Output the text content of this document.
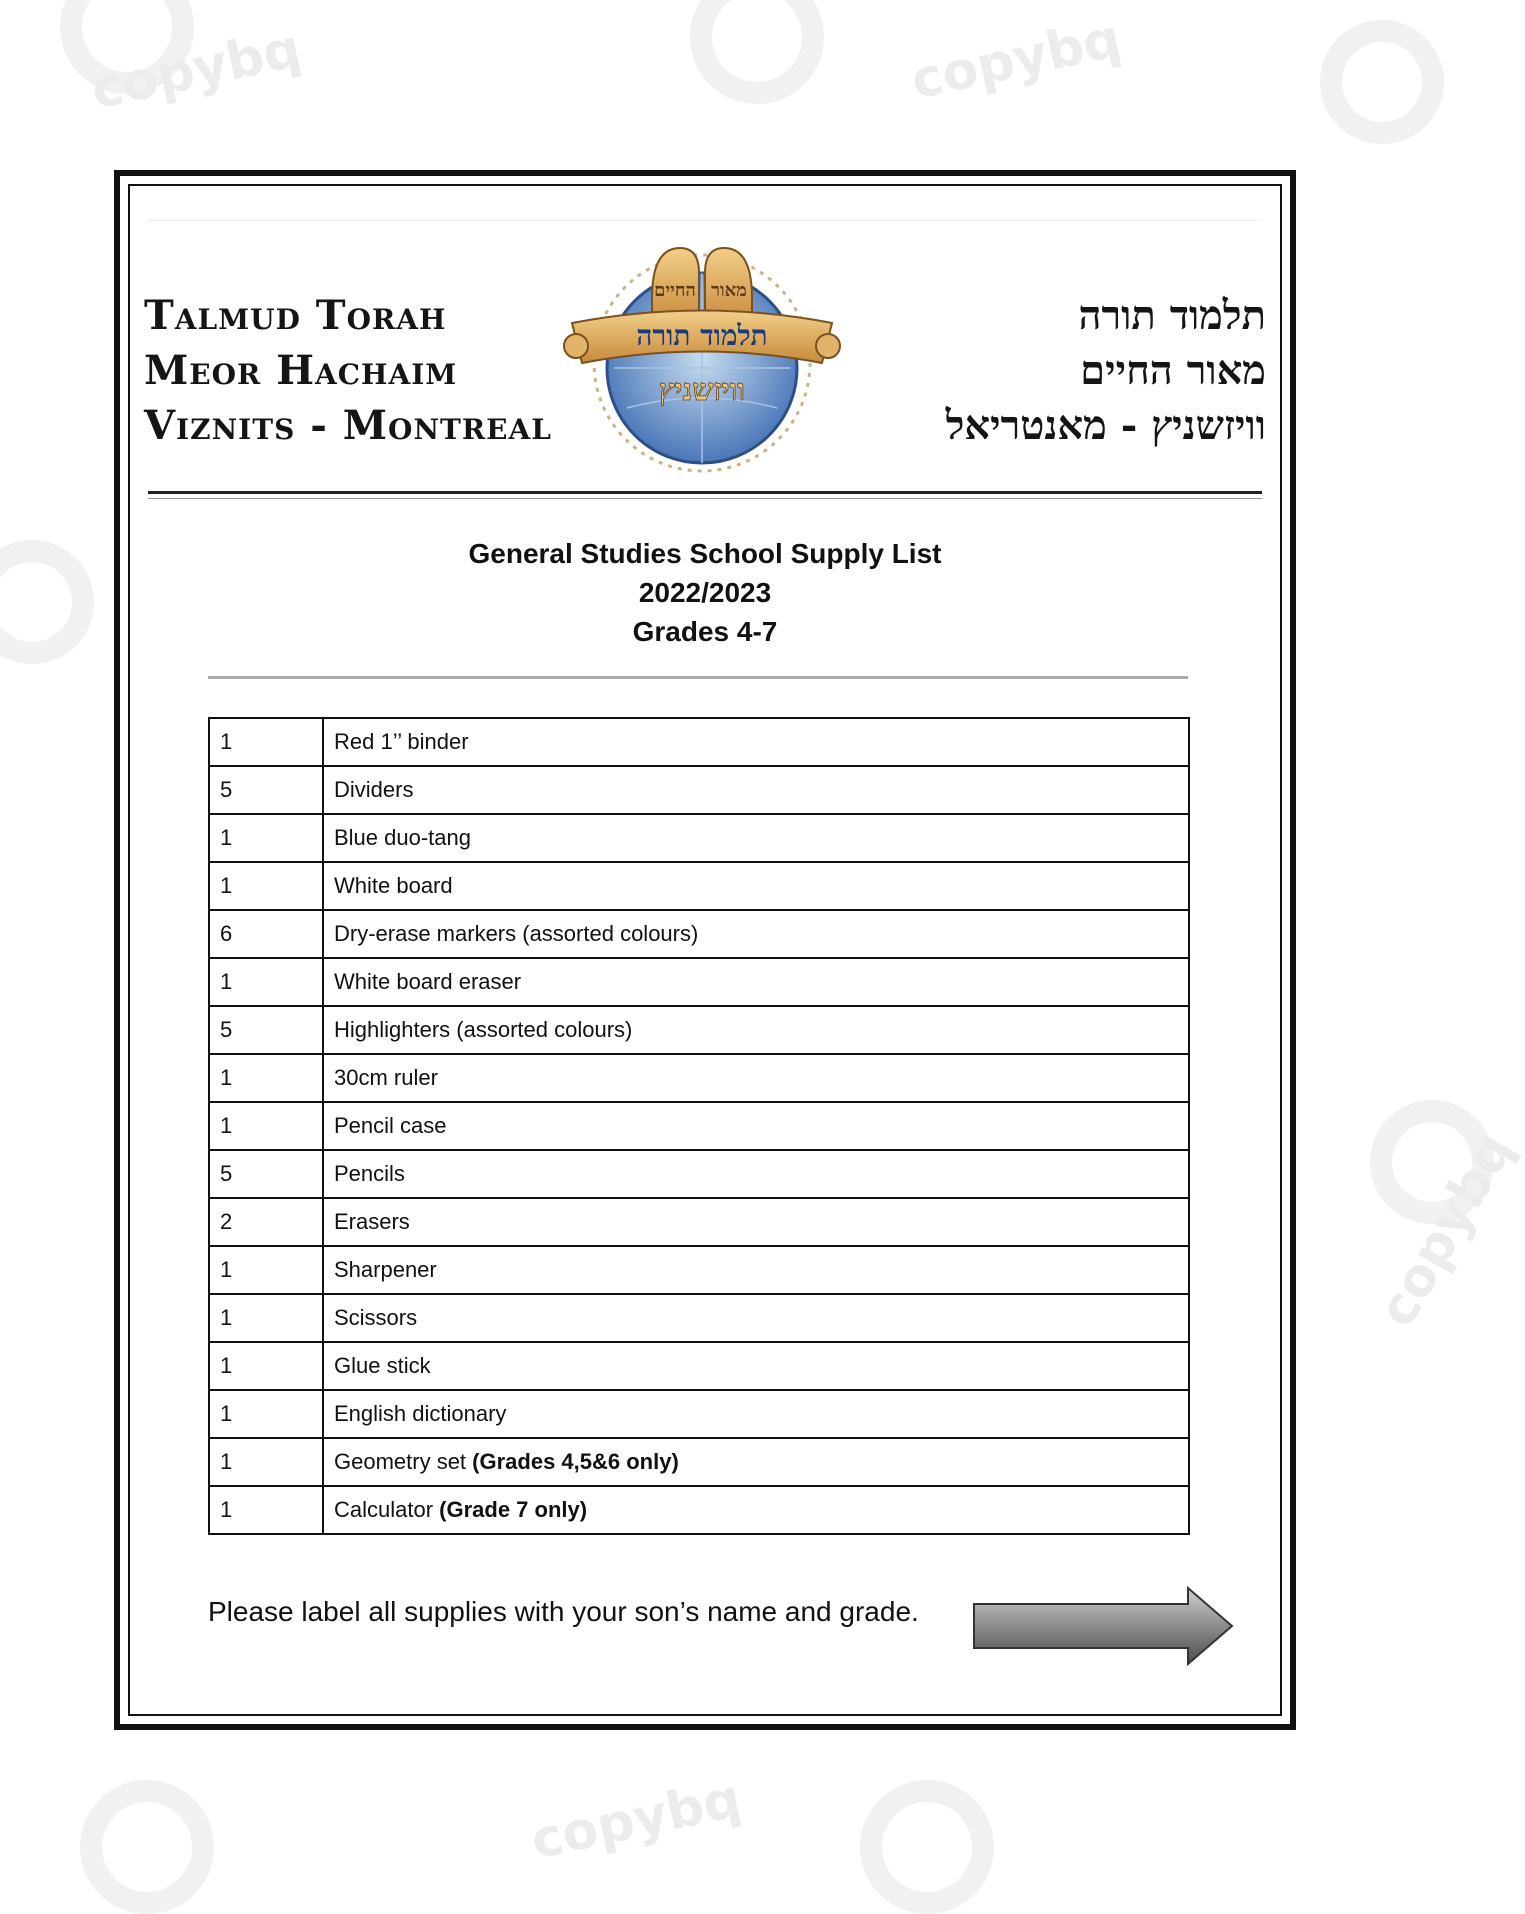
copybq	copybq
copybq
copybq
Talmud Torah
Meor Hachaim
Viznits - Montreal
החיים מאור
תלמוד תורה
וויזשניץ
תלמוד תורה
מאור החיים
וויזשניץ - מאנטריאל
General Studies School Supply List
2022/2023
Grades 4-7
1	Red 1’’ binder
5	Dividers
1	Blue duo-tang
1	White board
6	Dry-erase markers (assorted colours)
1	White board eraser
5	Highlighters (assorted colours)
1	30cm ruler
1	Pencil case
5	Pencils
2	Erasers
1	Sharpener
1	Scissors
1	Glue stick
1	English dictionary
1	Geometry set (Grades 4,5&6 only)
1	Calculator (Grade 7 only)
Please label all supplies with your son’s name and grade.
